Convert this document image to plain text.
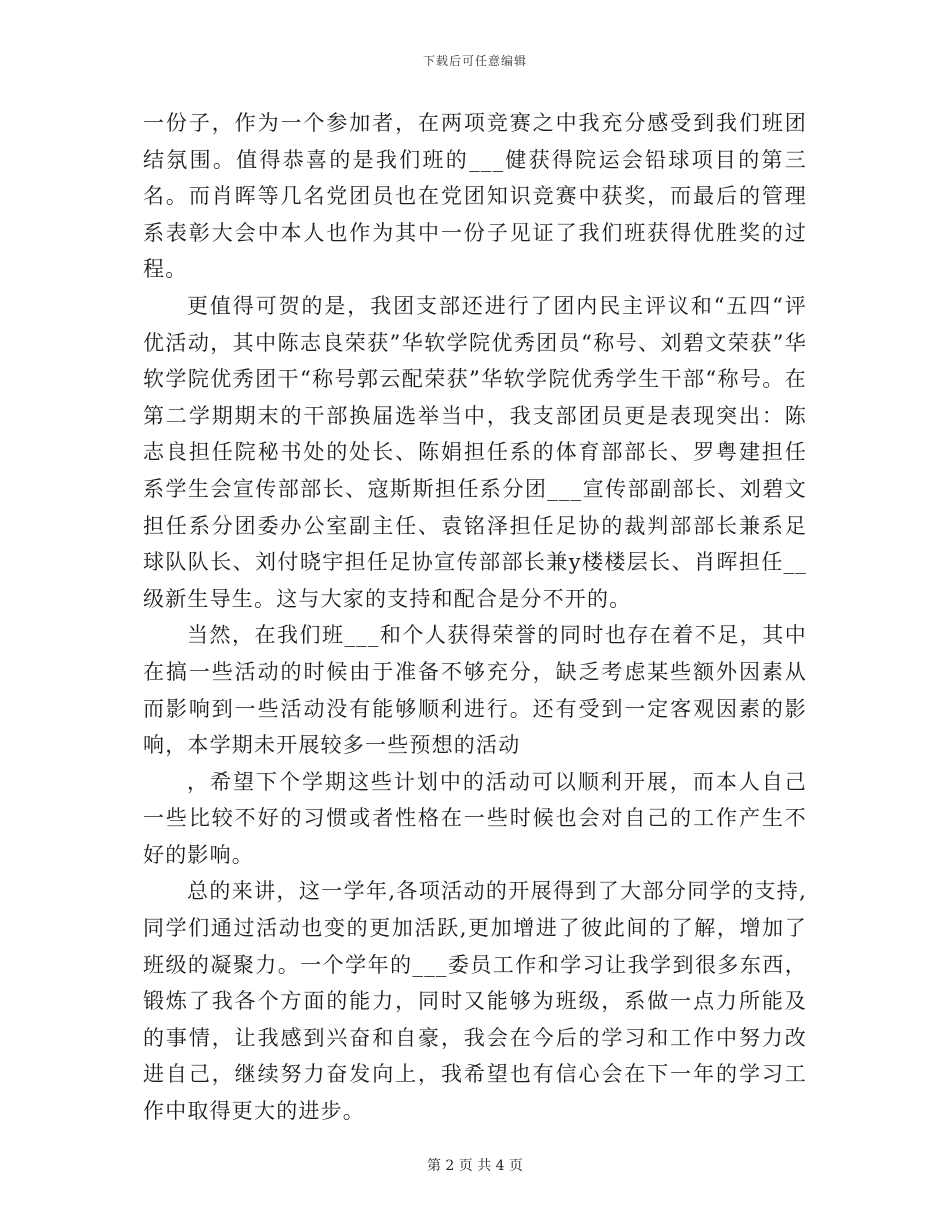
下载后可任意编辑

一份子，作为一个参加者，在两项竞赛之中我充分感受到我们班团结氛围。值得恭喜的是我们班的___健获得院运会铅球项目的第三名。而肖晖等几名党团员也在党团知识竞赛中获奖，而最后的管理系表彰大会中本人也作为其中一份子见证了我们班获得优胜奖的过程。

更值得可贺的是，我团支部还进行了团内民主评议和“五四“评优活动，其中陈志良荣获”华软学院优秀团员“称号、刘碧文荣获”华软学院优秀团干“称号郭云配荣获”华软学院优秀学生干部“称号。在第二学期期末的干部换届选举当中，我支部团员更是表现突出：陈志良担任院秘书处的处长、陈娟担任系的体育部部长、罗粤建担任系学生会宣传部部长、寇斯斯担任系分团___宣传部副部长、刘碧文担任系分团委办公室副主任、袁铭泽担任足协的裁判部部长兼系足球队队长、刘付晓宇担任足协宣传部部长兼y楼楼层长、肖晖担任__级新生导生。这与大家的支持和配合是分不开的。

当然，在我们班___和个人获得荣誉的同时也存在着不足，其中在搞一些活动的时候由于准备不够充分，缺乏考虑某些额外因素从而影响到一些活动没有能够顺利进行。还有受到一定客观因素的影响，本学期未开展较多一些预想的活动

，希望下个学期这些计划中的活动可以顺利开展，而本人自己一些比较不好的习惯或者性格在一些时候也会对自己的工作产生不好的影响。

总的来讲，这一学年,各项活动的开展得到了大部分同学的支持,同学们通过活动也变的更加活跃,更加增进了彼此间的了解，增加了班级的凝聚力。一个学年的___委员工作和学习让我学到很多东西，锻炼了我各个方面的能力，同时又能够为班级，系做一点力所能及的事情，让我感到兴奋和自豪，我会在今后的学习和工作中努力改进自己，继续努力奋发向上，我希望也有信心会在下一年的学习工作中取得更大的进步。

第 2 页 共 4 页
